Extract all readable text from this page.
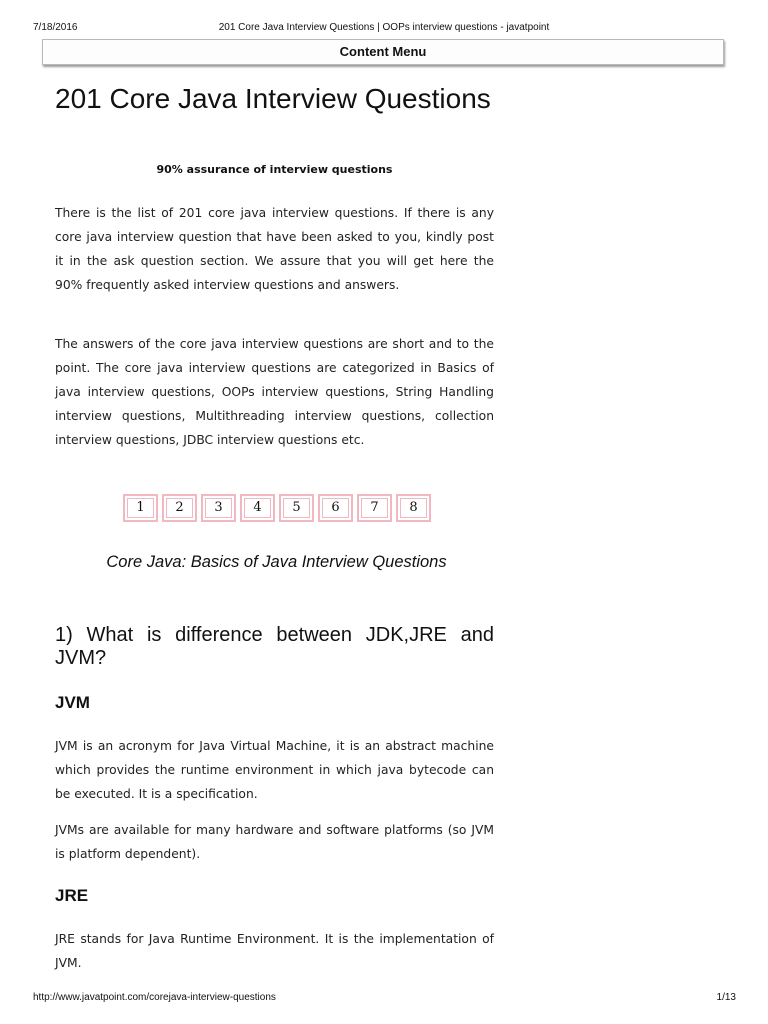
7/18/2016	201 Core Java Interview Questions | OOPs interview questions - javatpoint
Content Menu
201 Core Java Interview Questions
90% assurance of interview questions

There is the list of 201 core java interview questions. If there is any core java interview question that have been asked to you, kindly post it in the ask question section. We assure that you will get here the 90% frequently asked interview questions and answers.

The answers of the core java interview questions are short and to the point. The core java interview questions are categorized in Basics of java interview questions, OOPs interview questions, String Handling interview questions, Multithreading interview questions, collection interview questions, JDBC interview questions etc.

1	2	3	4	5	6	7	8
Core Java: Basics of Java Interview Questions
1) What is difference between JDK,JRE and JVM?
JVM

JVM is an acronym for Java Virtual Machine, it is an abstract machine which provides the runtime environment in which java bytecode can be executed. It is a specification.

JVMs are available for many hardware and software platforms (so JVM is platform dependent).

JRE

JRE stands for Java Runtime Environment. It is the implementation of JVM.

http://www.javatpoint.com/corejava-interview-questions	1/13
